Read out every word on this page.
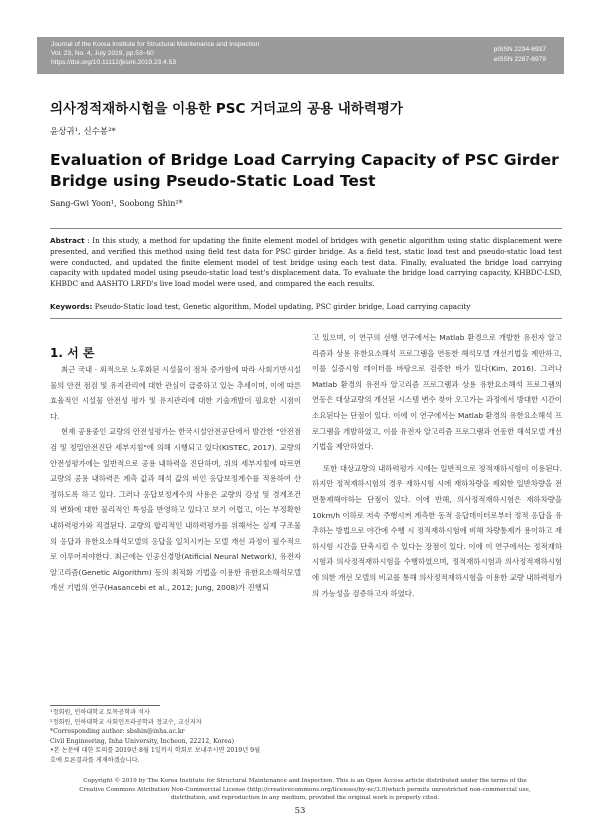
Journal of the Korea Institute for Structural Maintenance and Inspection
Vol. 23, No. 4, July 2019, pp.53~60
https://doi.org/10.11112/jksmi.2019.23.4.53
pISSN 2234-6937
eISSN 2287-6979
의사정적재하시험을 이용한 PSC 거더교의 공용 내하력평가
윤상귀¹, 신수봉²*
Evaluation of Bridge Load Carrying Capacity of PSC Girder Bridge using Pseudo-Static Load Test
Sang-Gwi Yoon¹, Soobong Shin²*
Abstract : In this study, a method for updating the finite element model of bridges with genetic algorithm using static displacement were presented, and verified this method using field test data for PSC girder bridge. As a field test, static load test and pseudo-static load test were conducted, and updated the finite element model of test bridge using each test data. Finally, evaluated the bridge load carrying capacity with updated model using pseudo-static load test's displacement data. To evaluate the bridge load carrying capacity, KHBDC-LSD, KHBDC and AASHTO LRFD's live load model were used, and compared the each results.
Keywords: Pseudo-Static load test, Genetic algorithm, Model updating, PSC girder bridge, Load carrying capacity
1. 서 론

최근 국내 · 외적으로 노후화된 시설물이 점차 증가함에 따라 사회기반시설물의 안전 점검 및 유지관리에 대한 관심이 급증하고 있는 추세이며, 이에 따른 효율적인 시설물 안전성 평가 및 유지관리에 대한 기술개발이 필요한 시점이다.

현재 공용중인 교량의 안전성평가는 한국시설안전공단에서 발간한 "안전점검 및 정밀안전진단 세부지침"에 의해 시행되고 있다(KISTEC, 2017). 교량의 안전성평가에는 일반적으로 공용 내하력을 진단하며, 위의 세부지침에 따르면 교량의 공용 내하력은 계측 값과 해석 값의 비인 응답보정계수를 적용하여 산정하도록 하고 있다. 그러나 응답보정계수의 사용은 교량의 강성 및 경계조건의 변화에 대한 물리적인 특성을 반영하고 있다고 보기 어렵고, 이는 부정확한 내하력평가와 직결된다. 교량의 합리적인 내하력평가를 위해서는 실제 구조물의 응답과 유한요소해석모델의 응답을 일치시키는 모델 개선 과정이 필수적으로 이루어져야한다. 최근에는 인공신경망(Atificial Neural Network), 유전자 알고리즘(Genetic Algorithm) 등의 최적화 기법을 이용한 유한요소해석모델 개선 기법의 연구(Hasancebi et al., 2012; Jung, 2008)가 진행되

고 있으며, 이 연구의 선행 연구에서는 Matlab 환경으로 개발한 유전자 알고리즘과 상용 유한요소해석 프로그램을 연동한 해석모델 개선기법을 제안하고, 이를 실증시험 데이터를 바탕으로 검증한 바가 있다(Kim, 2016). 그러나 Matlab 환경의 유전자 알고리즘 프로그램과 상용 유한요소해석 프로그램의 연동은 대상교량의 개선된 시스템 변수 찾아 오고가는 과정에서 방대한 시간이 소요된다는 단점이 있다. 이에 이 연구에서는 Matlab 환경의 유한요소해석 프로그램을 개발하였고, 이를 유전자 알고리즘 프로그램과 연동한 해석모델 개선 기법을 제안하였다.

또한 대상교량의 내하력평가 시에는 일반적으로 정적재하시험이 이용된다. 하지만 정적재하시험의 경우 재하시험 시에 재하차량을 제외한 일반차량을 전면통제해야하는 단점이 있다. 이에 반해, 의사정적재하시험은 재하차량을 10km/h 이하로 저속 주행시켜 계측한 동적 응답데이터로부터 정적 응답을 유추하는 방법으로 야간에 수행 시 정적재하시험에 비해 차량통제가 용이하고 재하시험 시간을 단축시킬 수 있다는 장점이 있다. 이에 이 연구에서는 정적재하시험과 의사정적재하시험을 수행하였으며, 정적재하시험과 의사정적재하시험에 의한 개선 모델의 비교를 통해 의사정적재하시험을 이용한 교량 내하력평가의 가능성을 검증하고자 하였다.

¹정회원, 인하대학교 토목공학과 석사
²정회원, 인하대학교 사회인프라공학과 정교수, 교신저자
*Corresponding author: sbshin@inha.ac.kr
Civil Engineering, Inha University, Incheon, 22212, Korea)
•본 논문에 대한 토의를 2019년 8월 1일까지 학회로 보내주시면 2019년 9월
호에 토론결과를 게재하겠습니다.
Copyright © 2019 by The Korea Institute for Structural Maintenance and Inspection. This is an Open Access article distributed under the terms of the Creative Commons Attribution Non-Commercial License (http://creativecommons.org/licenses/by-nc/3.0)which permits unrestricted non-commercial use, distribution, and reproduction in any medium, provided the original work is properly cited.
53
